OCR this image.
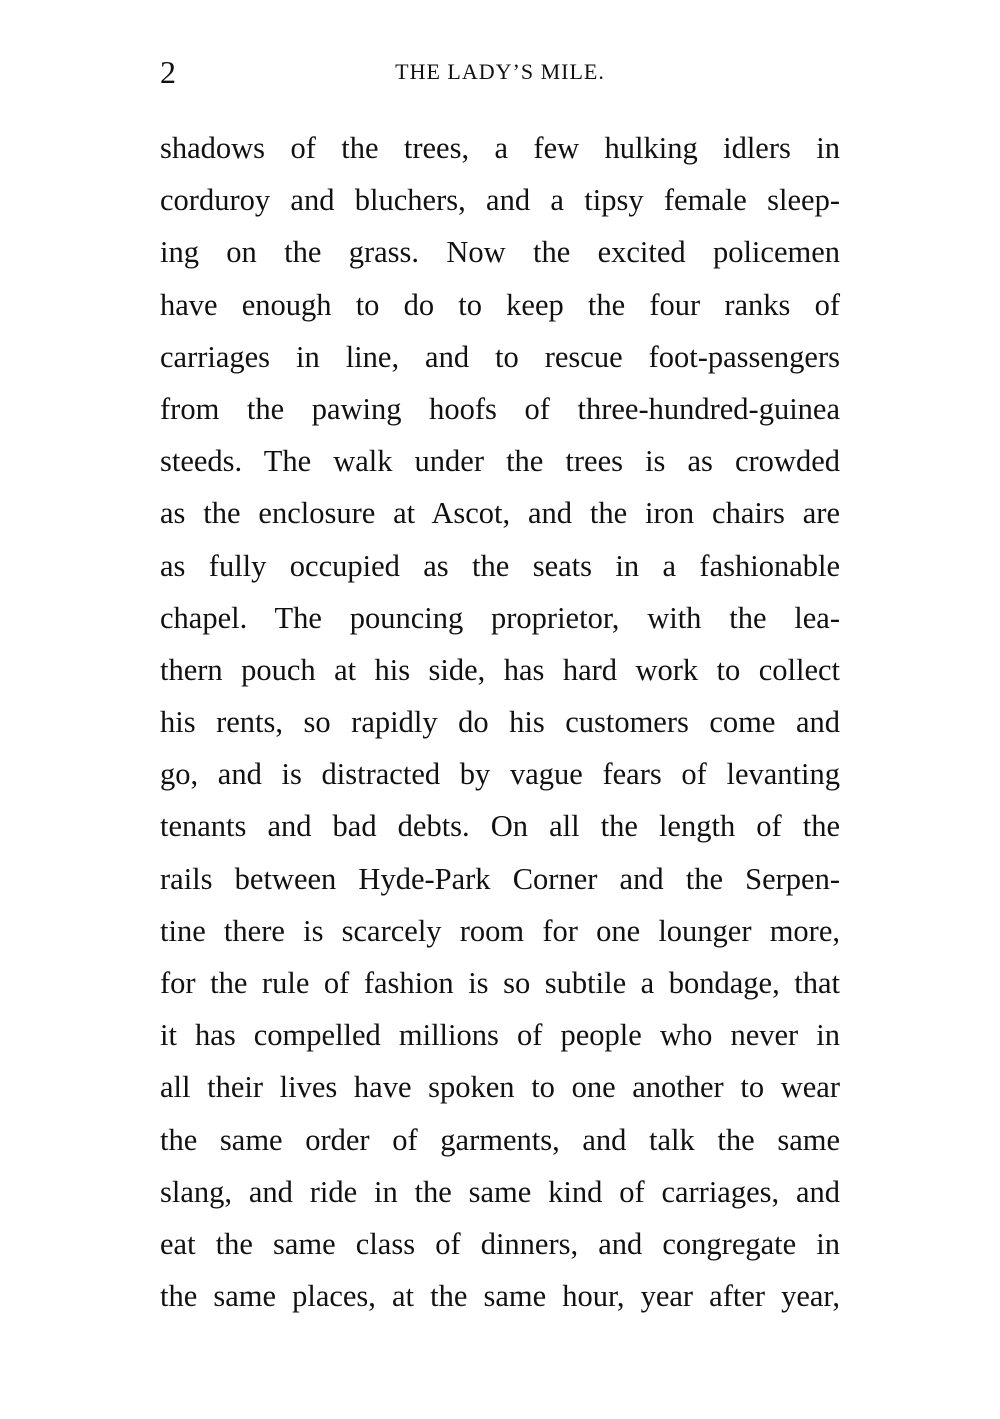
2	THE LADY’S MILE.
shadows of the trees, a few hulking idlers in
corduroy and bluchers, and a tipsy female sleep-
ing on the grass. Now the excited policemen
have enough to do to keep the four ranks of
carriages in line, and to rescue foot-passengers
from the pawing hoofs of three-hundred-guinea
steeds. The walk under the trees is as crowded
as the enclosure at Ascot, and the iron chairs are
as fully occupied as the seats in a fashionable
chapel. The pouncing proprietor, with the lea-
thern pouch at his side, has hard work to collect
his rents, so rapidly do his customers come and
go, and is distracted by vague fears of levanting
tenants and bad debts. On all the length of the
rails between Hyde-Park Corner and the Serpen-
tine there is scarcely room for one lounger more,
for the rule of fashion is so subtile a bondage, that
it has compelled millions of people who never in
all their lives have spoken to one another to wear
the same order of garments, and talk the same
slang, and ride in the same kind of carriages, and
eat the same class of dinners, and congregate in
the same places, at the same hour, year after year,
